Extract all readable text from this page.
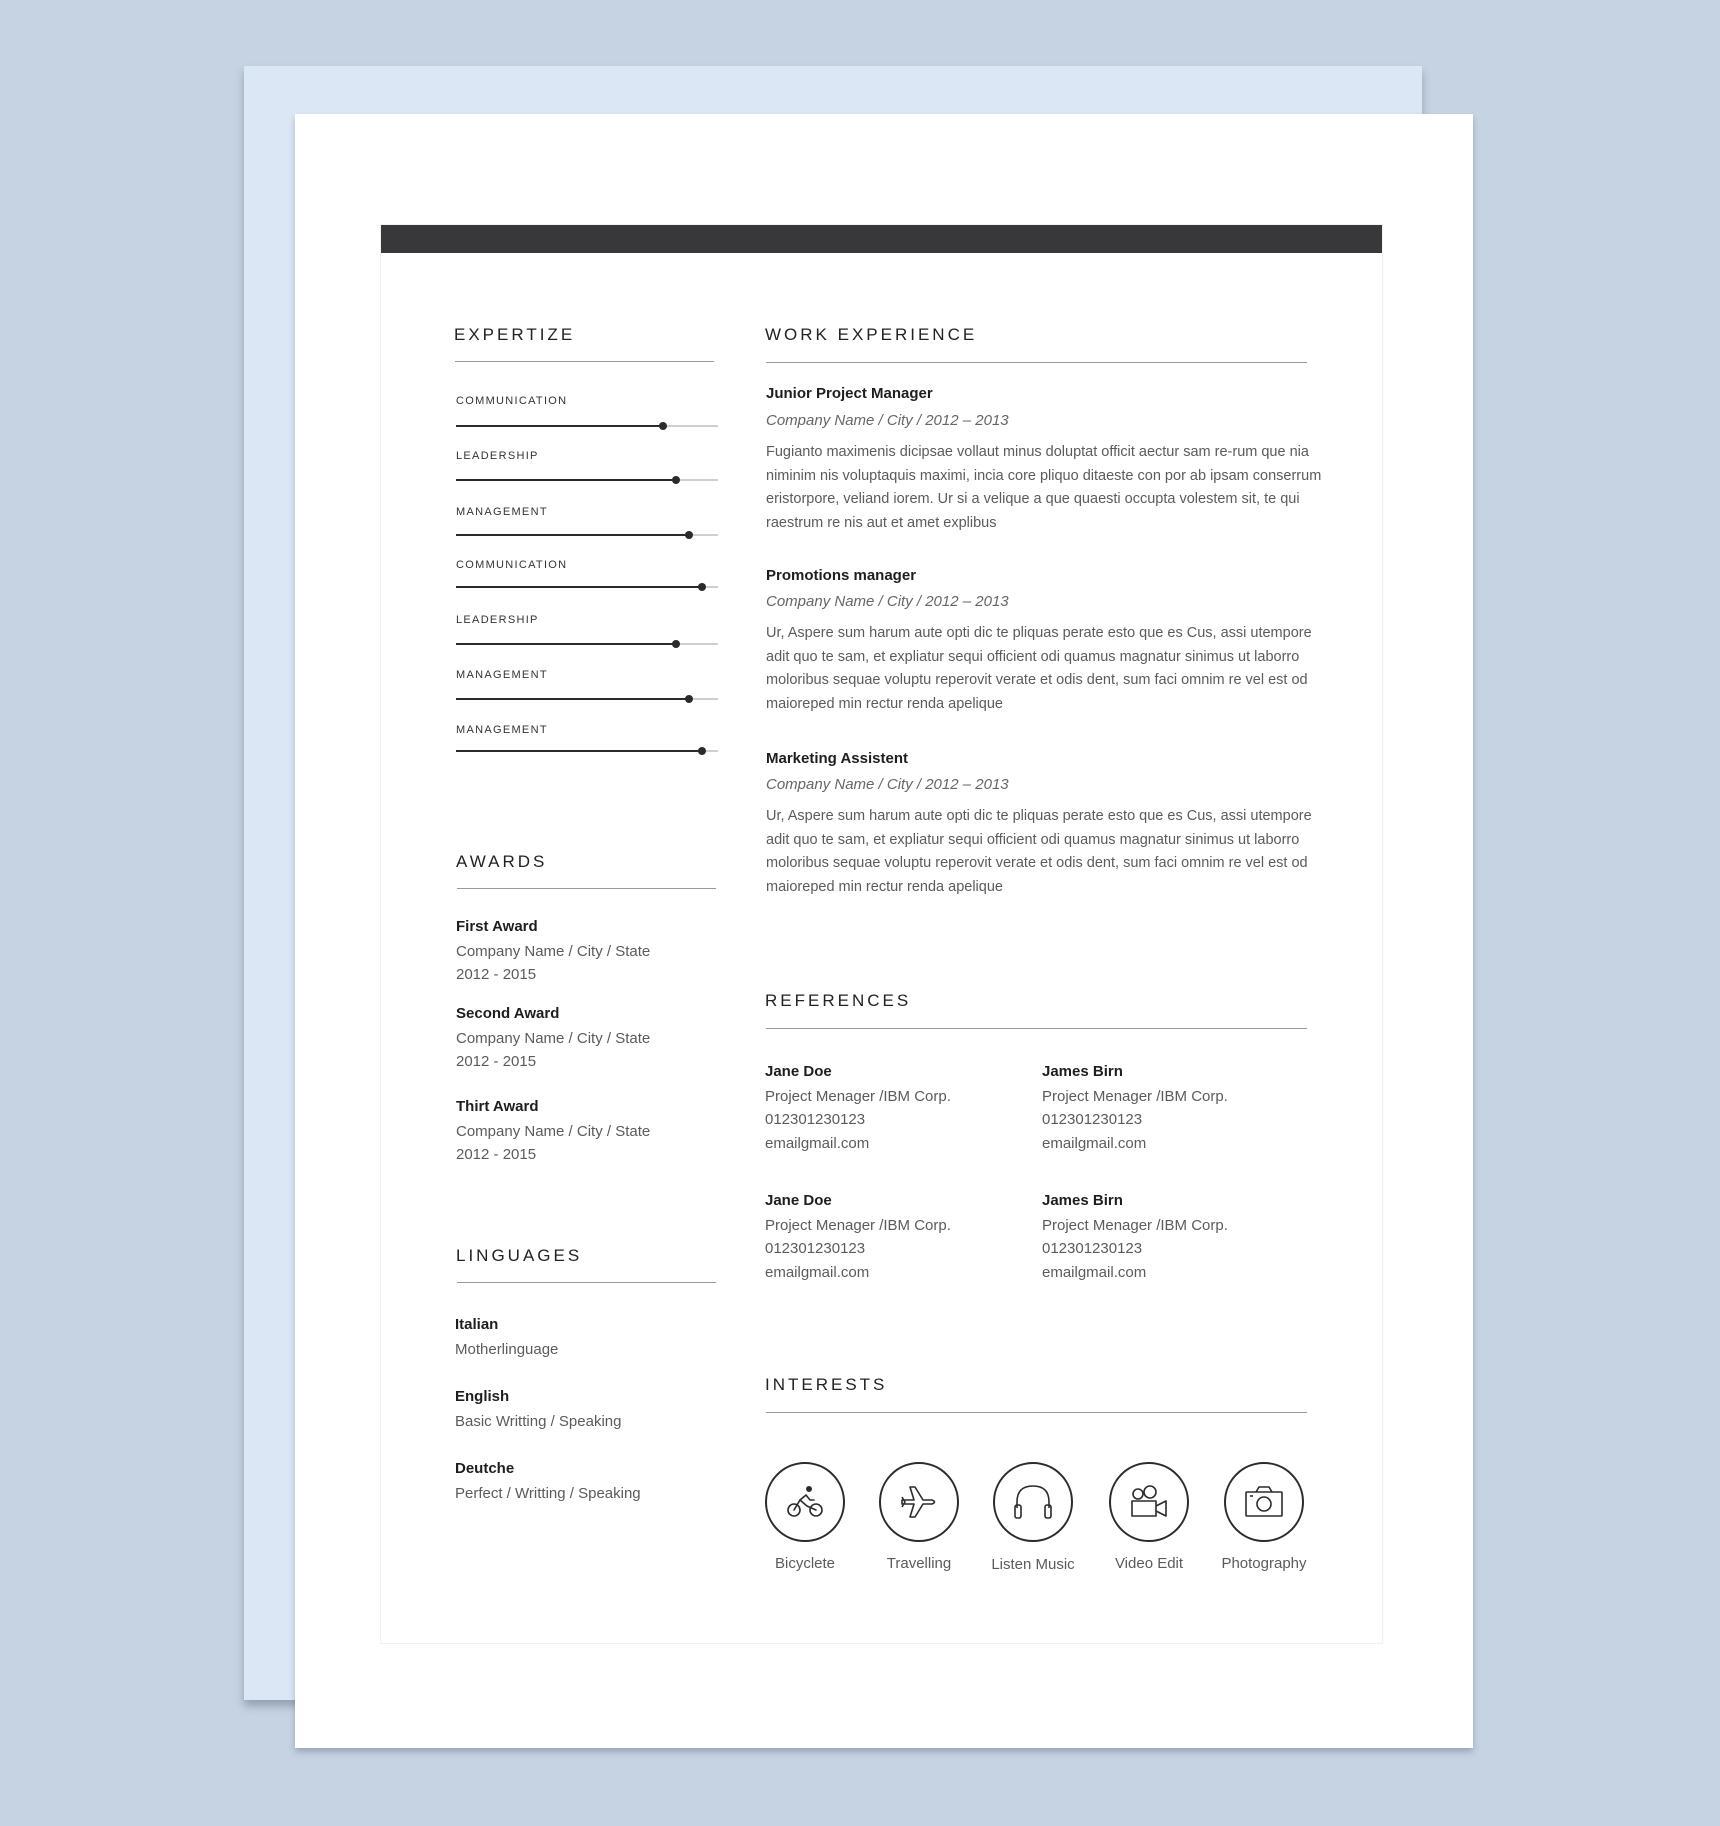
EXPERTIZE
COMMUNICATION
LEADERSHIP
MANAGEMENT
COMMUNICATION
LEADERSHIP
MANAGEMENT
MANAGEMENT
AWARDS
First Award
Company Name / City / State
2012 - 2015
Second Award
Company Name / City / State
2012 - 2015
Thirt Award
Company Name / City / State
2012 - 2015
LINGUAGES
Italian
Motherlinguage
English
Basic Writting / Speaking
Deutche
Perfect / Writting / Speaking
WORK EXPERIENCE
Junior Project Manager
Company Name / City / 2012 – 2013

Fugianto maximenis dicipsae vollaut minus doluptat officit aectur sam re-rum que nia niminim nis voluptaquis maximi, incia core pliquo ditaeste con por ab ipsam conserrum eristorpore, veliand iorem. Ur si a velique a que quaesti occupta volestem sit, te qui raestrum re nis aut et amet explibus

Promotions manager
Company Name / City / 2012 – 2013

Ur, Aspere sum harum aute opti dic te pliquas perate esto que es Cus, assi utempore adit quo te sam, et expliatur sequi officient odi quamus magnatur sinimus ut laborro moloribus sequae voluptu reperovit verate et odis dent, sum faci omnim re vel est od maioreped min rectur renda apelique

Marketing Assistent
Company Name / City / 2012 – 2013

Ur, Aspere sum harum aute opti dic te pliquas perate esto que es Cus, assi utempore adit quo te sam, et expliatur sequi officient odi quamus magnatur sinimus ut laborro moloribus sequae voluptu reperovit verate et odis dent, sum faci omnim re vel est od maioreped min rectur renda apelique

REFERENCES
Jane Doe
Project Menager /IBM Corp.
012301230123
emailgmail.com
James Birn
Project Menager /IBM Corp.
012301230123
emailgmail.com
Jane Doe
Project Menager /IBM Corp.
012301230123
emailgmail.com
James Birn
Project Menager /IBM Corp.
012301230123
emailgmail.com
INTERESTS
Bicyclete	Travelling	Listen Music	Video Edit	Photography
